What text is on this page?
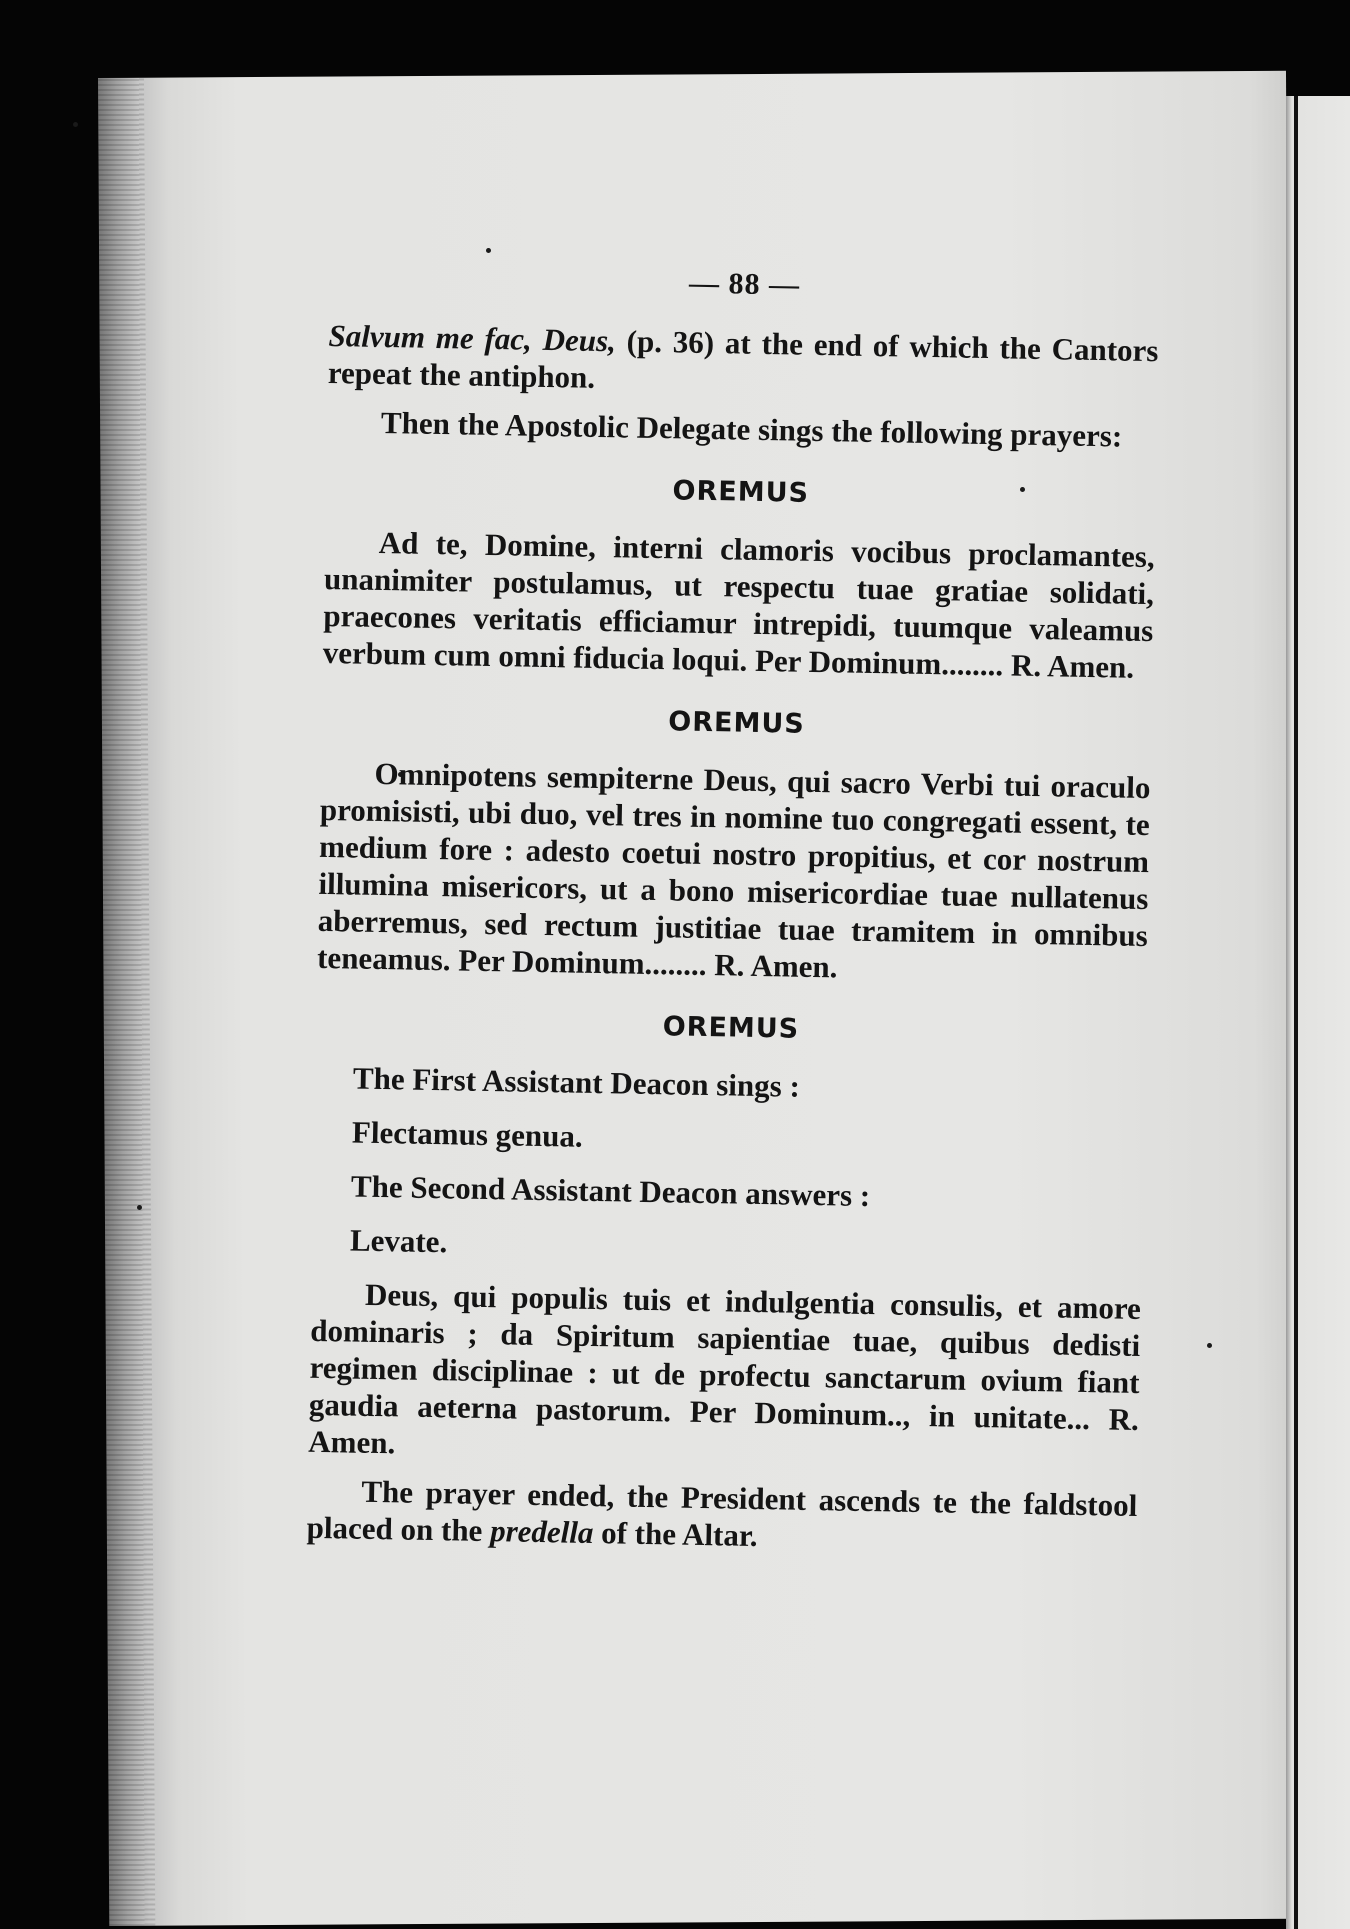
— 88 —

Salvum me fac, Deus, (p. 36) at the end of which the Cantors repeat the antiphon.

Then the Apostolic Delegate sings the following prayers:

OREMUS

Ad te, Domine, interni clamoris vocibus proclamantes, unanimiter postulamus, ut respectu tuae gratiae solidati, praecones veritatis efficiamur intrepidi, tuumque valeamus verbum cum omni fiducia loqui. Per Dominum........ R. Amen.

OREMUS

Omnipotens sempiterne Deus, qui sacro Verbi tui oraculo promisisti, ubi duo, vel tres in nomine tuo congregati essent, te medium fore : adesto coetui nostro propitius, et cor nostrum illumina misericors, ut a bono misericordiae tuae nullatenus aberremus, sed rectum justitiae tuae tramitem in omnibus teneamus. Per Dominum........ R. Amen.

OREMUS
The First Assistant Deacon sings :
Flectamus genua.
The Second Assistant Deacon answers :
Levate.

Deus, qui populis tuis et indulgentia consulis, et amore dominaris ; da Spiritum sapientiae tuae, quibus dedisti regimen disciplinae : ut de profectu sanctarum ovium fiant gaudia aeterna pastorum. Per Dominum.., in unitate... R. Amen.

The prayer ended, the President ascends te the faldstool placed on the predella of the Altar.
